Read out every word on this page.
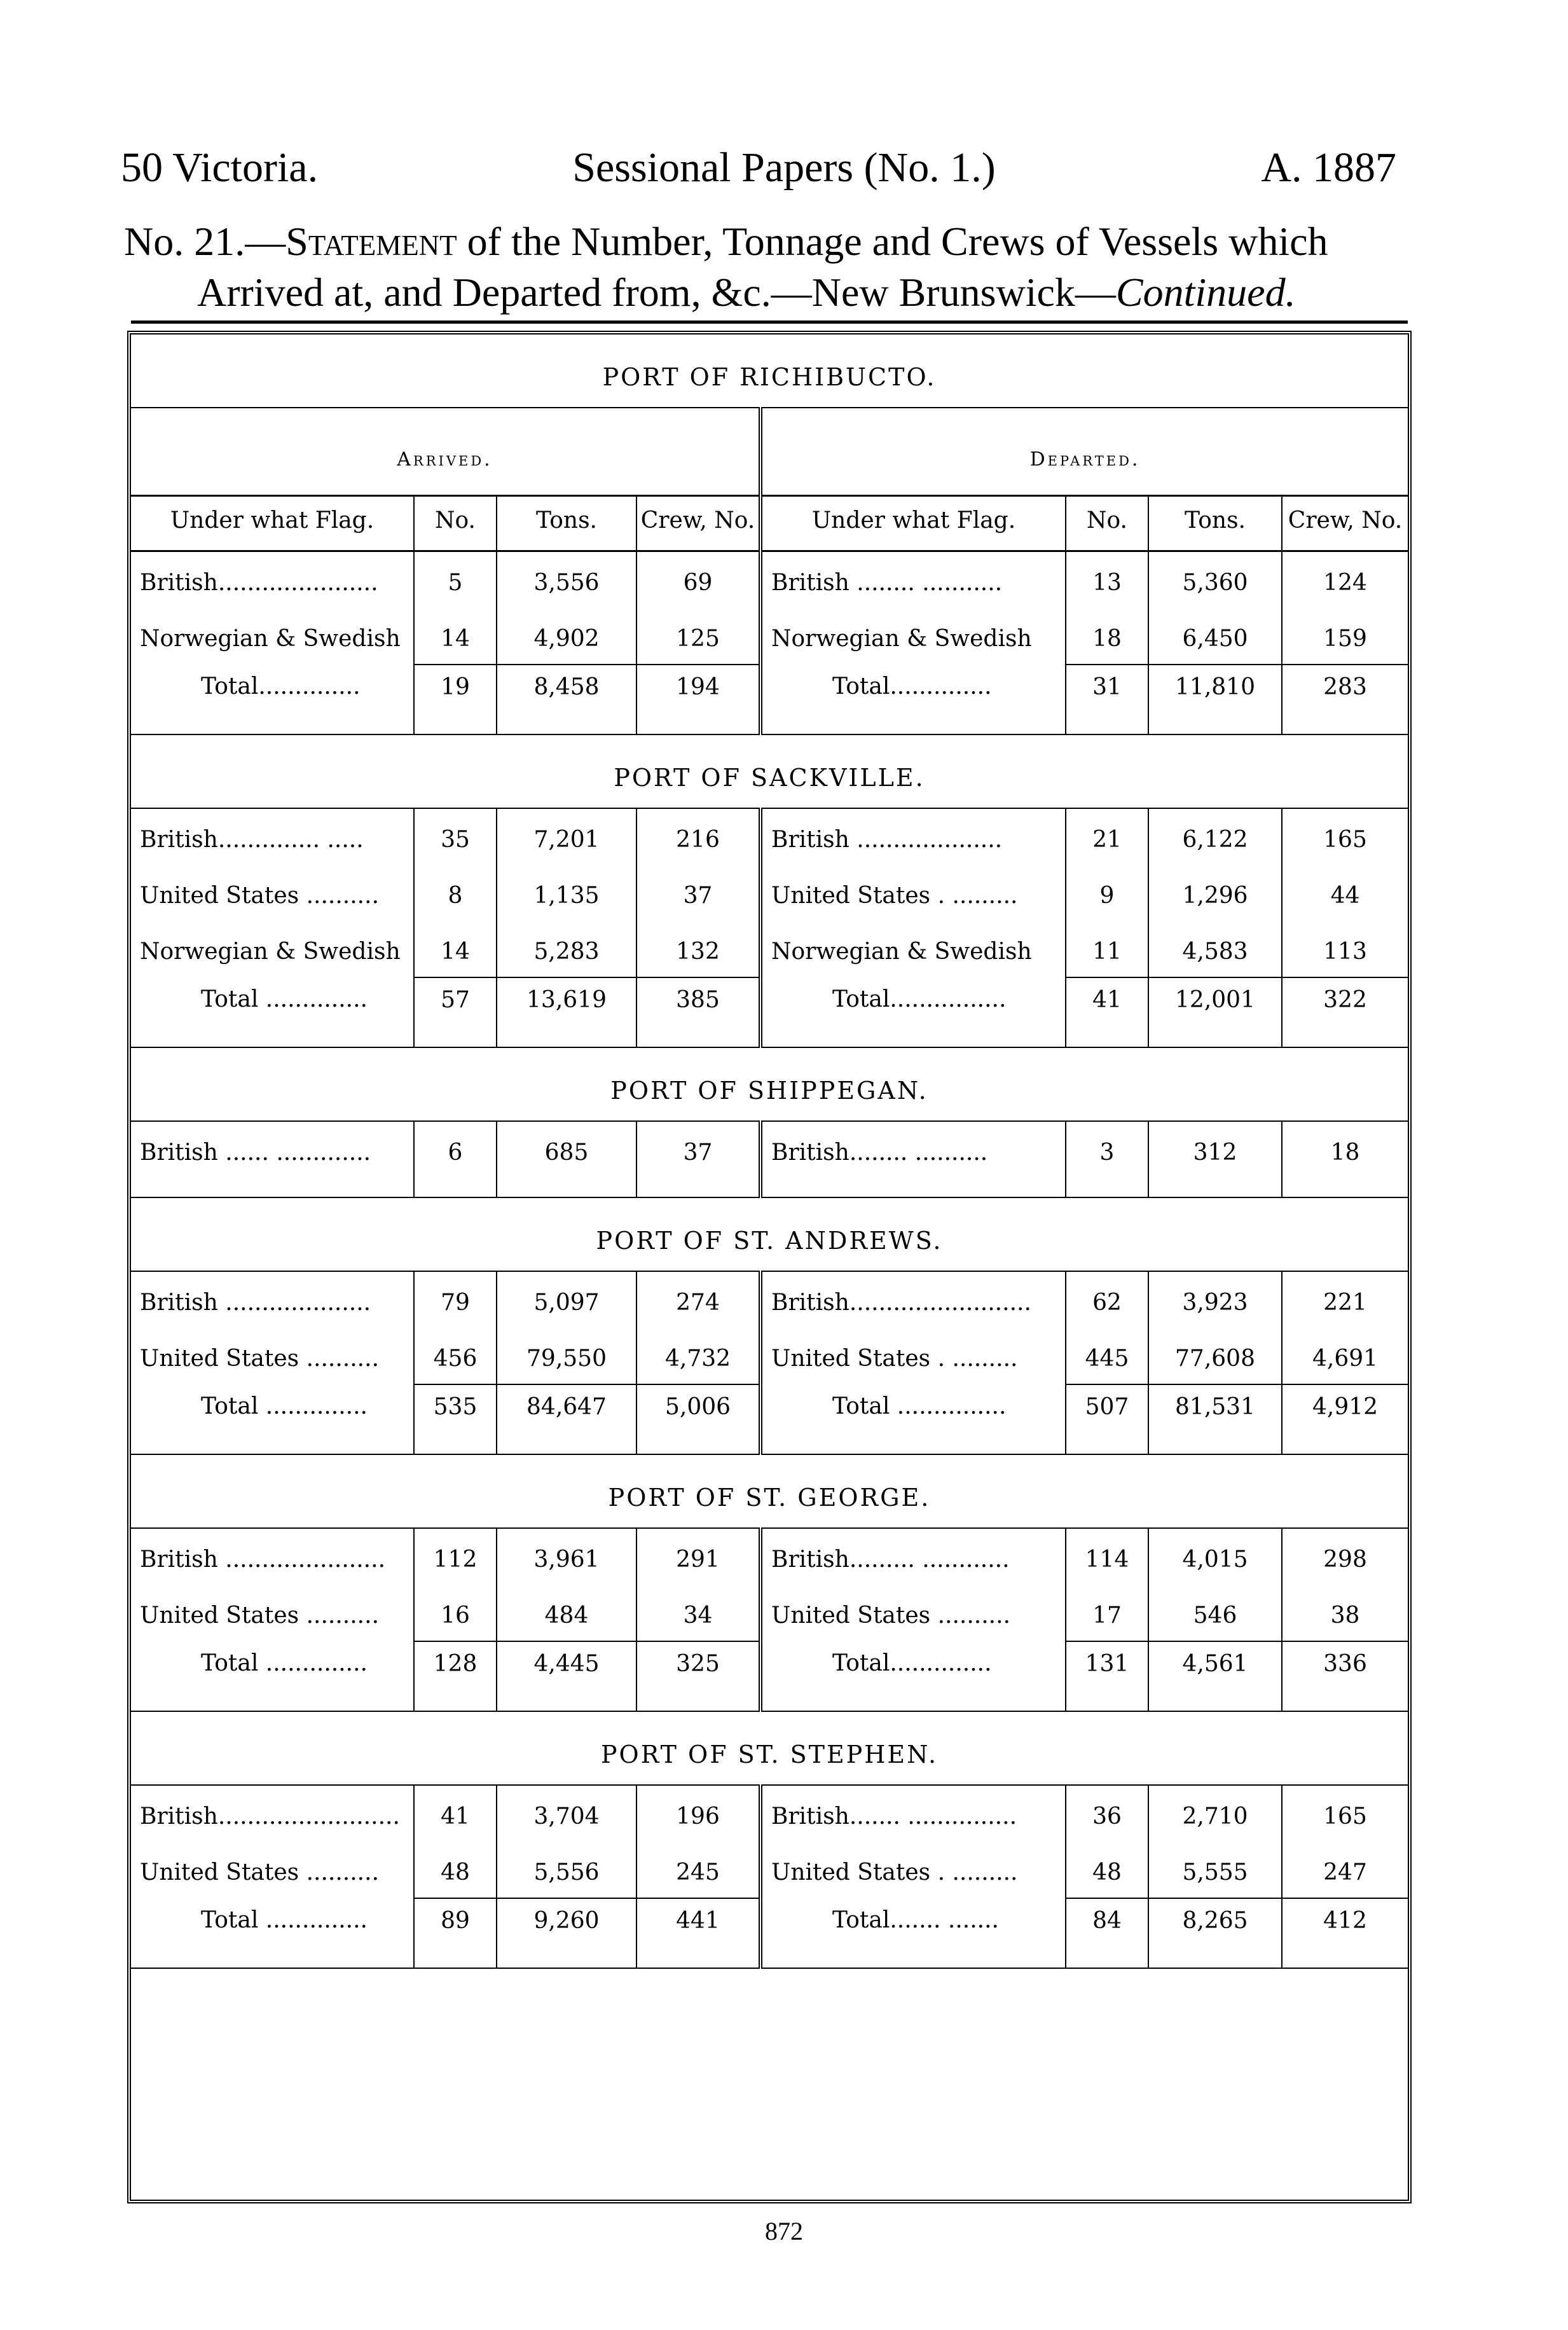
50 Victoria.	Sessional Papers (No. 1.)	A. 1887
No. 21.—Statement of the Number, Tonnage and Crews of Vessels which
Arrived at, and Departed from, &c.—New Brunswick—Continued.
PORT OF RICHIBUCTO.							
Arrived.				Departed.			
Under what Flag.	No.	Tons.	Crew, No.	Under what Flag.	No.	Tons.	Crew, No.
British......................	5	3,556	69	British ........ ...........	13	5,360	124
Norwegian & Swedish	14	4,902	125	Norwegian & Swedish	18	6,450	159
Total..............	19	8,458	194	Total..............	31	11,810	283

PORT OF SACKVILLE.							
British.............. .....	35	7,201	216	British ....................	21	6,122	165
United States ..........	8	1,135	37	United States . .........	9	1,296	44
Norwegian & Swedish	14	5,283	132	Norwegian & Swedish	11	4,583	113
Total ..............	57	13,619	385	Total................	41	12,001	322

PORT OF SHIPPEGAN.							
British ...... .............	6	685	37	British........ ..........	3	312	18

PORT OF ST. ANDREWS.							
British ....................	79	5,097	274	British.........................	62	3,923	221
United States ..........	456	79,550	4,732	United States . .........	445	77,608	4,691
Total ..............	535	84,647	5,006	Total ...............	507	81,531	4,912

PORT OF ST. GEORGE.							
British ......................	112	3,961	291	British......... ............	114	4,015	298
United States ..........	16	484	34	United States ..........	17	546	38
Total ..............	128	4,445	325	Total..............	131	4,561	336

PORT OF ST. STEPHEN.							
British.........................	41	3,704	196	British....... ...............	36	2,710	165
United States ..........	48	5,556	245	United States . .........	48	5,555	247
Total ..............	89	9,260	441	Total....... .......	84	8,265	412

872
